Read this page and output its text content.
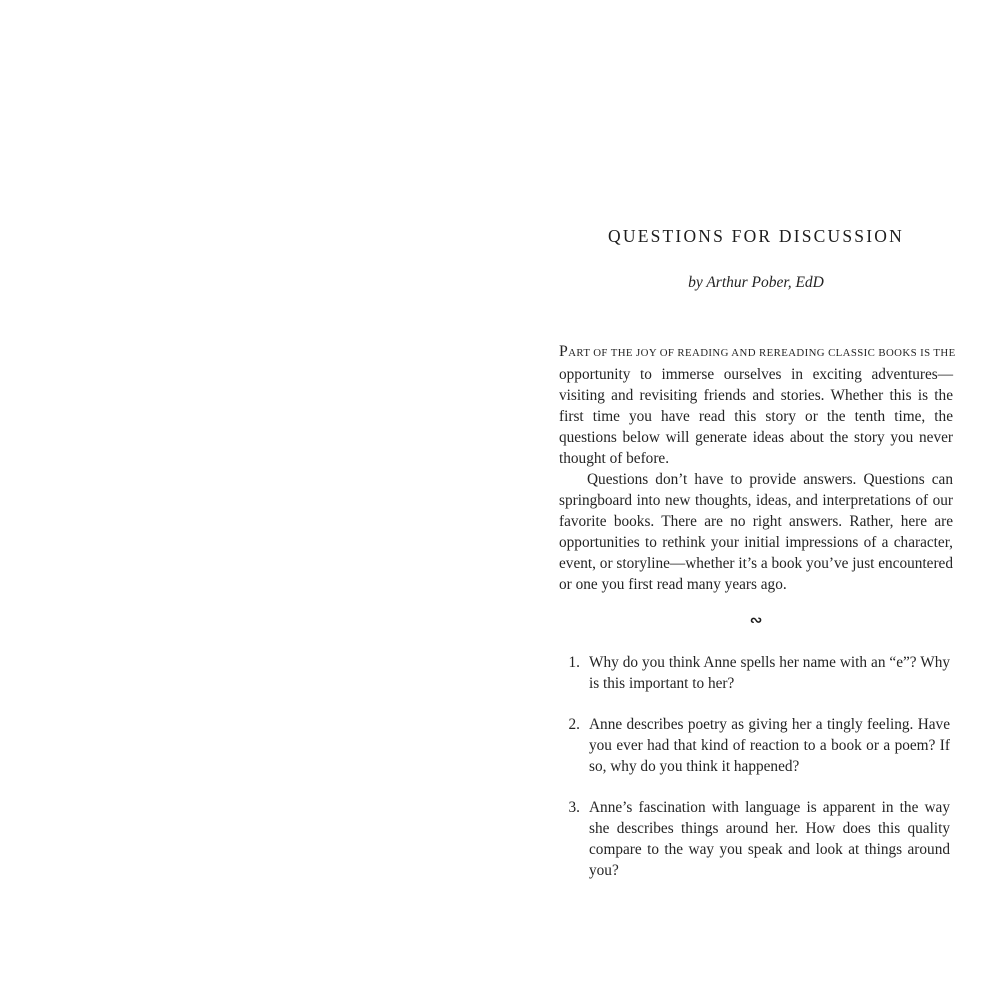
QUESTIONS FOR DISCUSSION
by Arthur Pober, EdD
PART OF THE JOY OF READING AND REREADING CLASSIC BOOKS IS THE

opportunity to immerse ourselves in exciting adventures—visiting and revisiting friends and stories. Whether this is the first time you have read this story or the tenth time, the questions below will generate ideas about the story you never thought of before.

Questions don’t have to provide answers. Questions can springboard into new thoughts, ideas, and interpretations of our favorite books. There are no right answers. Rather, here are opportunities to rethink your initial impressions of a character, event, or storyline—whether it’s a book you’ve just encountered or one you first read many years ago.

∾
1. Why do you think Anne spells her name with an “e”? Why is this important to her?
2. Anne describes poetry as giving her a tingly feeling. Have you ever had that kind of reaction to a book or a poem? If so, why do you think it happened?
3. Anne’s fascination with language is apparent in the way she describes things around her. How does this quality compare to the way you speak and look at things around you?
